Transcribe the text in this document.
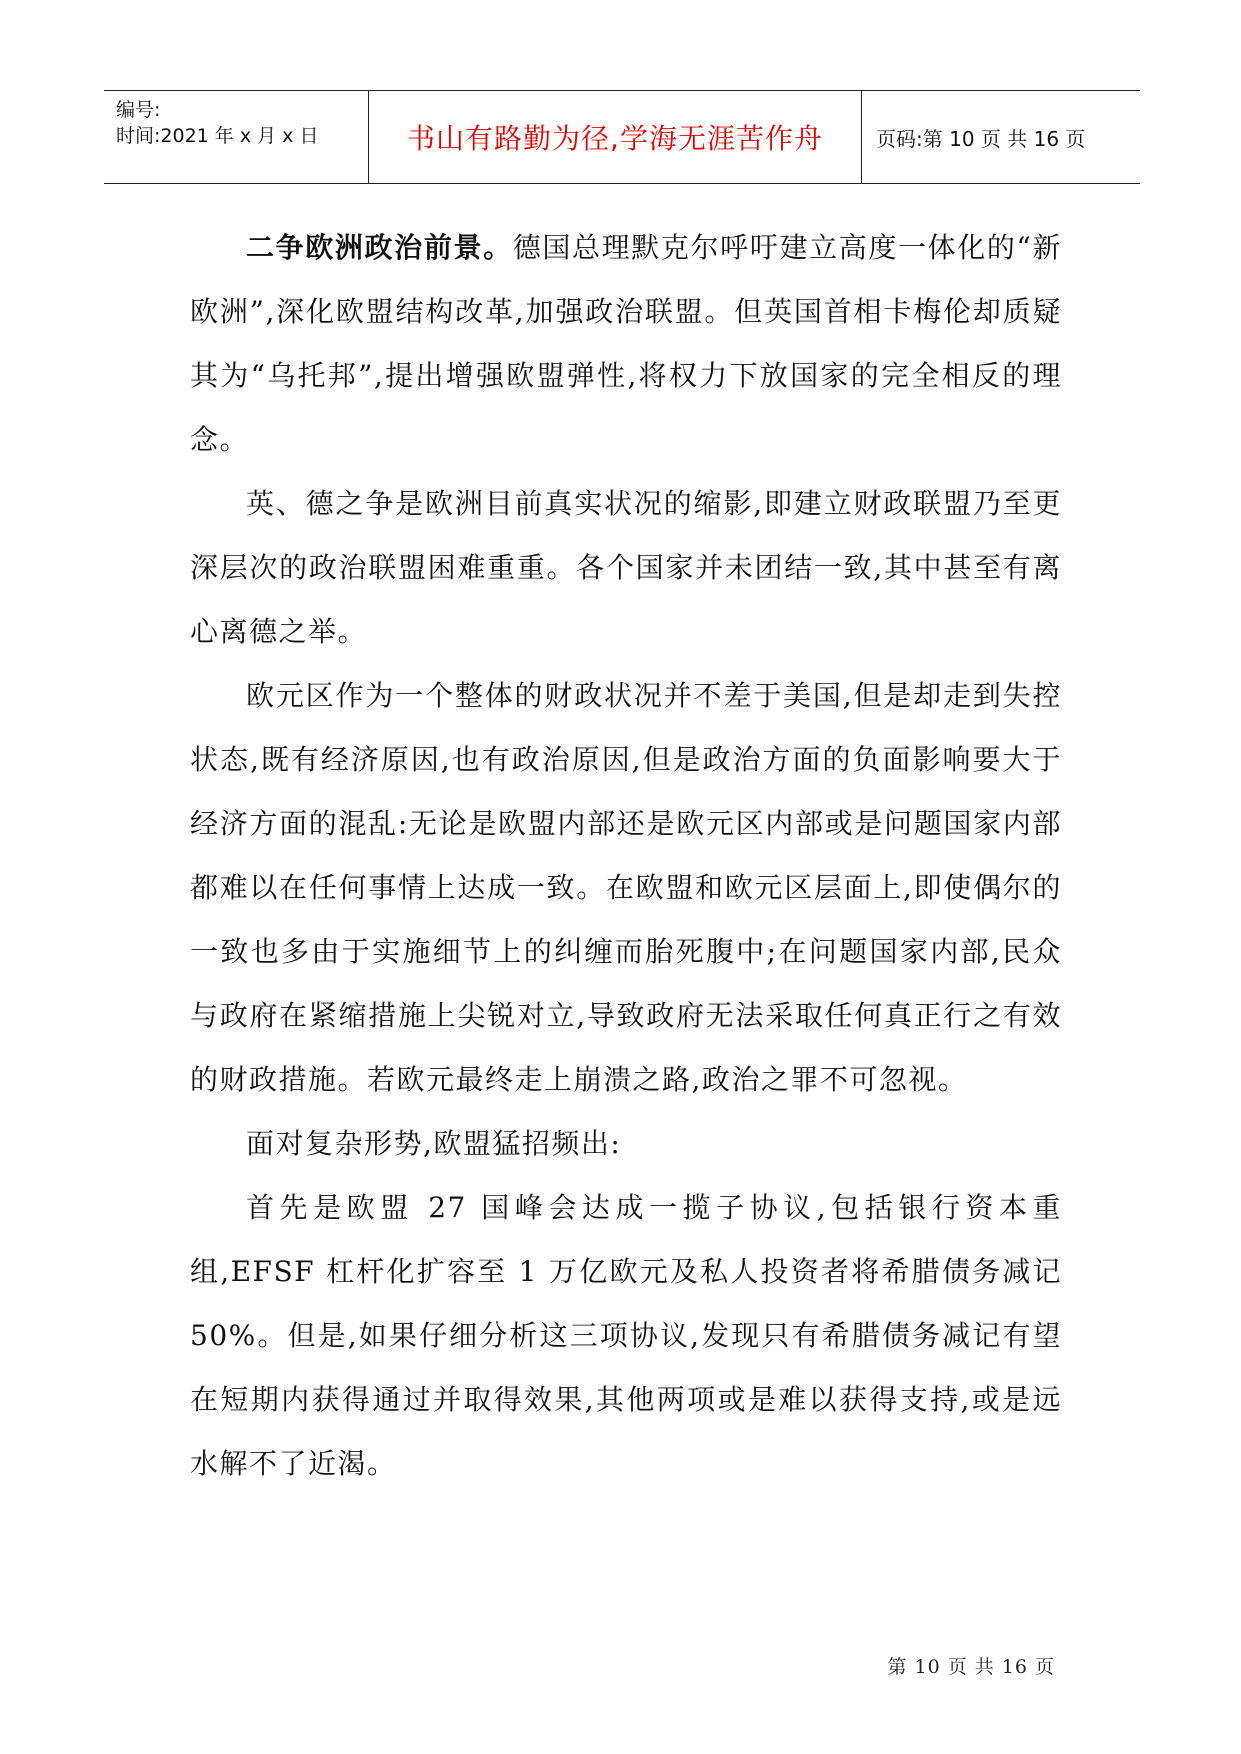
编号:
时间:2021 年 x 月 x 日	书山有路勤为径,学海无涯苦作舟	页码:第 10 页 共 16 页

二争欧洲政治前景。德国总理默克尔呼吁建立高度一体化的“新欧洲”,深化欧盟结构改革,加强政治联盟。但英国首相卡梅伦却质疑其为“乌托邦”,提出增强欧盟弹性,将权力下放国家的完全相反的理念。

英、德之争是欧洲目前真实状况的缩影,即建立财政联盟乃至更深层次的政治联盟困难重重。各个国家并未团结一致,其中甚至有离心离德之举。

欧元区作为一个整体的财政状况并不差于美国,但是却走到失控状态,既有经济原因,也有政治原因,但是政治方面的负面影响要大于经济方面的混乱:无论是欧盟内部还是欧元区内部或是问题国家内部都难以在任何事情上达成一致。在欧盟和欧元区层面上,即使偶尔的一致也多由于实施细节上的纠缠而胎死腹中;在问题国家内部,民众与政府在紧缩措施上尖锐对立,导致政府无法采取任何真正行之有效的财政措施。若欧元最终走上崩溃之路,政治之罪不可忽视。

面对复杂形势,欧盟猛招频出:

首先是欧盟 27 国峰会达成一揽子协议,包括银行资本重组,EFSF 杠杆化扩容至 1 万亿欧元及私人投资者将希腊债务减记 50%。但是,如果仔细分析这三项协议,发现只有希腊债务减记有望在短期内获得通过并取得效果,其他两项或是难以获得支持,或是远水解不了近渴。

第 10 页 共 16 页
